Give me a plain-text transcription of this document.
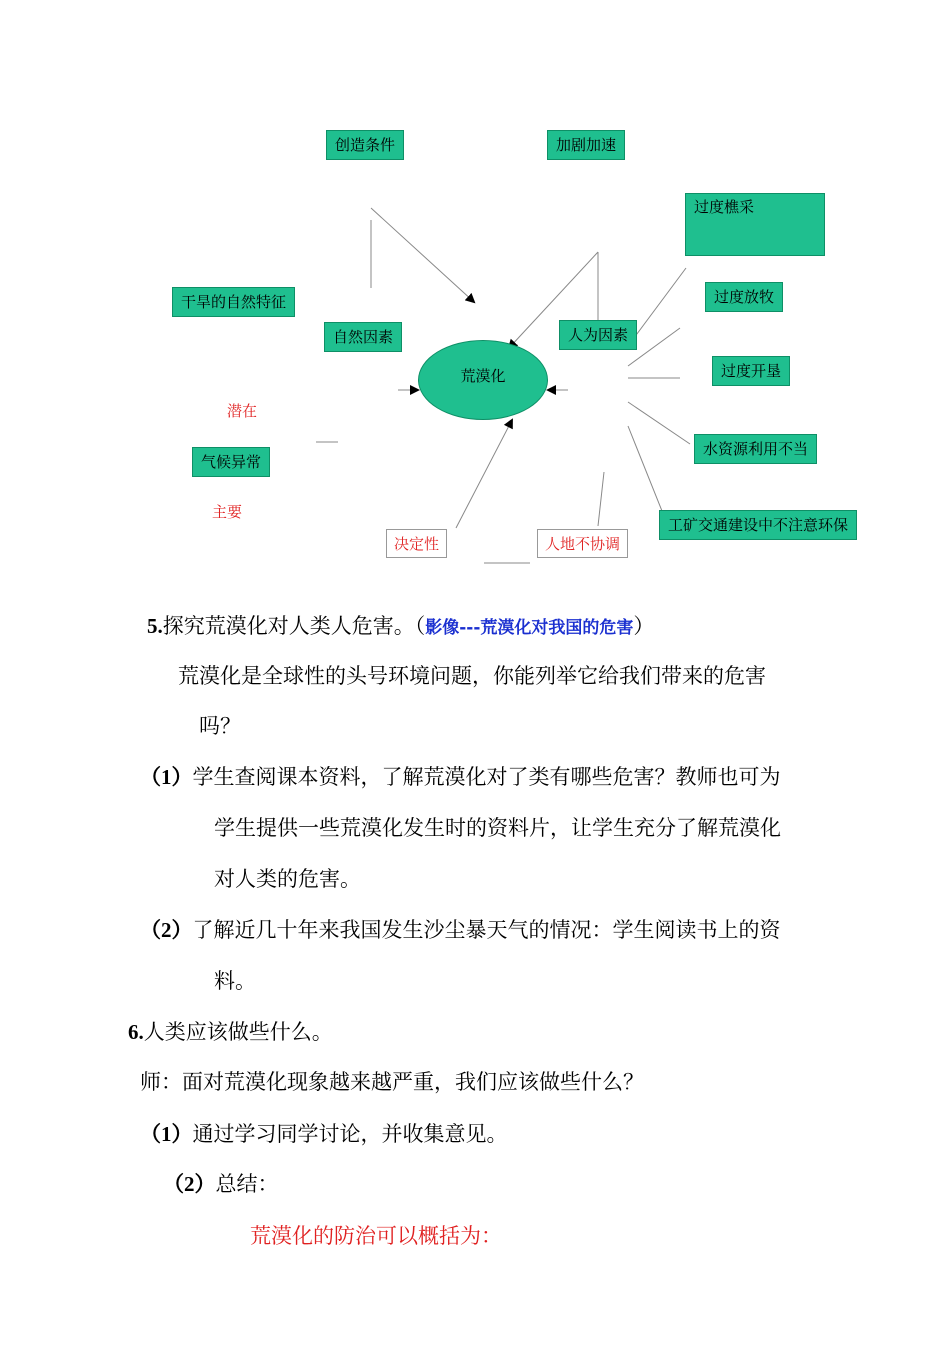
创造条件	加剧加速
过度樵采
干旱的自然特征	过度放牧
自然因素	人为因素
过度开垦
水资源利用不当
气候异常
工矿交通建设中不注意环保
荒漠化
潜在
主要
决定性	人地不协调
5.探究荒漠化对人类人危害。（影像---荒漠化对我国的危害）
荒漠化是全球性的头号环境问题，你能列举它给我们带来的危害
吗？
（1）学生查阅课本资料，了解荒漠化对了类有哪些危害？教师也可为
学生提供一些荒漠化发生时的资料片，让学生充分了解荒漠化
对人类的危害。
（2）了解近几十年来我国发生沙尘暴天气的情况：学生阅读书上的资
料。
6.人类应该做些什么。
师：面对荒漠化现象越来越严重，我们应该做些什么？
（1）通过学习同学讨论，并收集意见。
（2）总结：
荒漠化的防治可以概括为：
